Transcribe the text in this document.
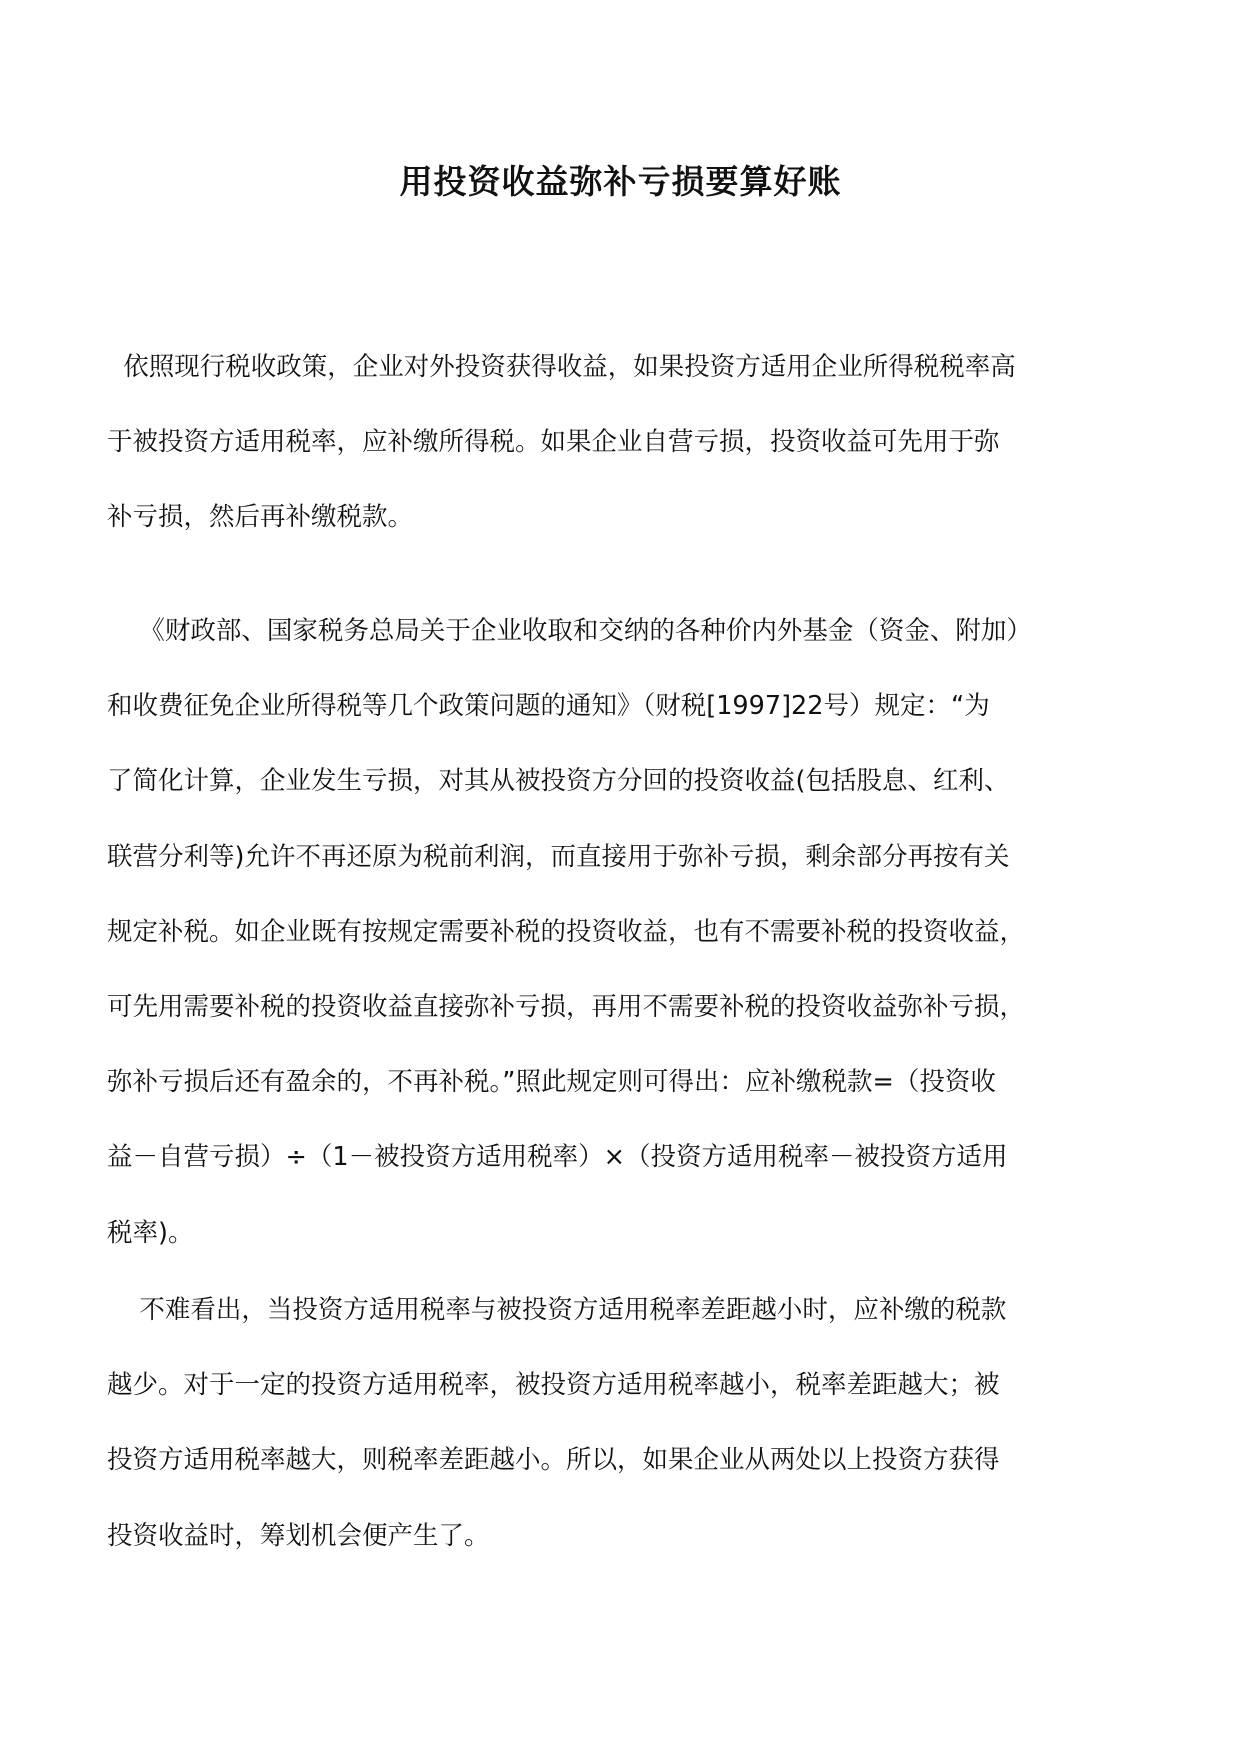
用投资收益弥补亏损要算好账

依照现行税收政策，企业对外投资获得收益，如果投资方适用企业所得税税率高
于被投资方适用税率，应补缴所得税。如果企业自营亏损，投资收益可先用于弥
补亏损，然后再补缴税款。

《财政部、国家税务总局关于企业收取和交纳的各种价内外基金（资金、附加）
和收费征免企业所得税等几个政策问题的通知》（财税[1997]22号）规定：“为
了简化计算，企业发生亏损，对其从被投资方分回的投资收益(包括股息、红利、
联营分利等)允许不再还原为税前利润，而直接用于弥补亏损，剩余部分再按有关
规定补税。如企业既有按规定需要补税的投资收益，也有不需要补税的投资收益，
可先用需要补税的投资收益直接弥补亏损，再用不需要补税的投资收益弥补亏损，
弥补亏损后还有盈余的，不再补税。”照此规定则可得出：应补缴税款=（投资收
益－自营亏损）÷（1－被投资方适用税率）×（投资方适用税率－被投资方适用
税率)。

不难看出，当投资方适用税率与被投资方适用税率差距越小时，应补缴的税款
越少。对于一定的投资方适用税率，被投资方适用税率越小，税率差距越大；被
投资方适用税率越大，则税率差距越小。所以，如果企业从两处以上投资方获得
投资收益时，筹划机会便产生了。
